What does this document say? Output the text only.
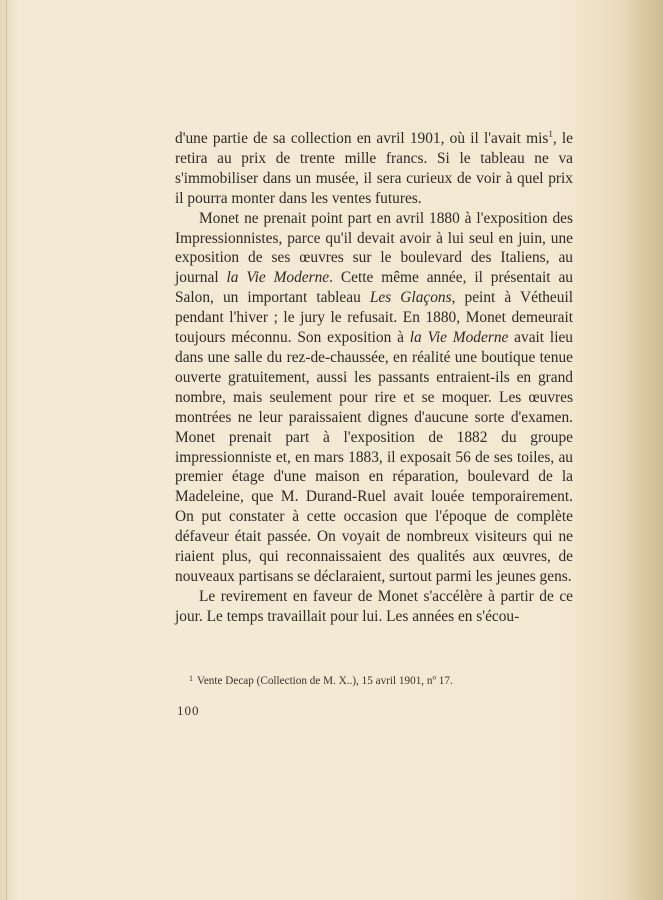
d'une partie de sa collection en avril 1901, où il l'avait mis$^1$, le retira au prix de trente mille francs. Si le tableau ne va s'immobiliser dans un musée, il sera curieux de voir à quel prix il pourra monter dans les ventes futures.

Monet ne prenait point part en avril 1880 à l'exposition des Impressionnistes, parce qu'il devait avoir à lui seul en juin, une exposition de ses œuvres sur le boulevard des Italiens, au journal la Vie Moderne. Cette même année, il présentait au Salon, un important tableau Les Glaçons, peint à Vétheuil pendant l'hiver ; le jury le refusait. En 1880, Monet demeurait toujours méconnu. Son exposition à la Vie Moderne avait lieu dans une salle du rez-de-chaussée, en réalité une boutique tenue ouverte gratuitement, aussi les passants entraient-ils en grand nombre, mais seulement pour rire et se moquer. Les œuvres montrées ne leur paraissaient dignes d'aucune sorte d'examen. Monet prenait part à l'exposition de 1882 du groupe impressionniste et, en mars 1883, il exposait 56 de ses toiles, au premier étage d'une maison en réparation, boulevard de la Madeleine, que M. Durand-Ruel avait louée temporairement. On put constater à cette occasion que l'époque de complète défaveur était passée. On voyait de nombreux visiteurs qui ne riaient plus, qui reconnaissaient des qualités aux œuvres, de nouveaux partisans se déclaraient, surtout parmi les jeunes gens.

Le revirement en faveur de Monet s'accélère à partir de ce jour. Le temps travaillait pour lui. Les années en s'écou-

$^1$ Vente Decap (Collection de M. X..), 15 avril 1901, nº 17.
100
